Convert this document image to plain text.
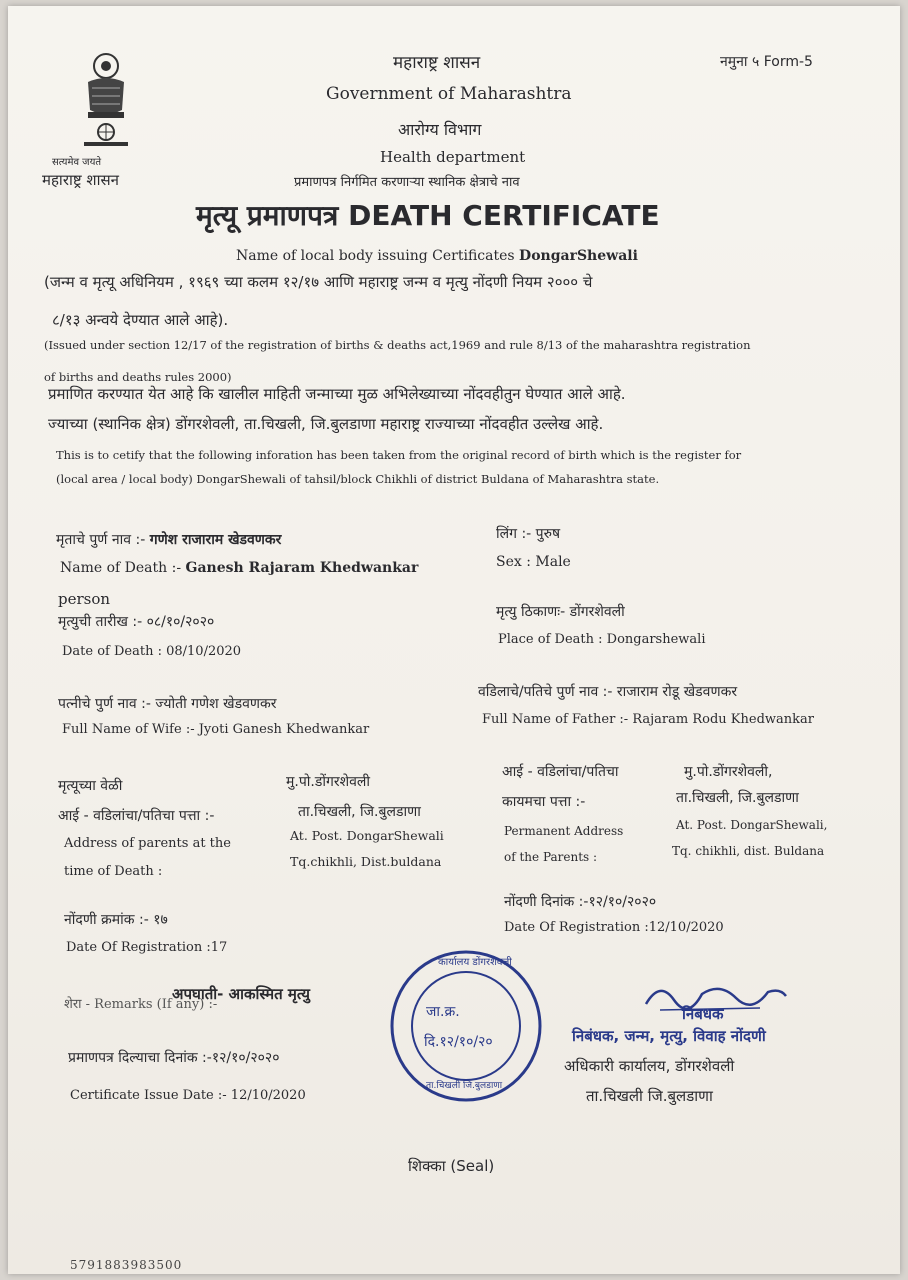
सत्यमेव जयते
महाराष्ट्र शासन
महाराष्ट्र शासन
Government of Maharashtra
आरोग्य विभाग
Health department
प्रमाणपत्र निर्गमित करणाऱ्या स्थानिक क्षेत्राचे नाव
नमुना ५ Form-5
मृत्यू प्रमाणपत्र DEATH CERTIFICATE
Name of local body issuing Certificates DongarShewali
(जन्म व मृत्यू अधिनियम , १९६९ च्या कलम १२/१७ आणि महाराष्ट्र जन्म व मृत्यु नोंदणी नियम २००० चे
८/१३ अन्वये देण्यात आले आहे).
(Issued under section 12/17 of the registration of births & deaths act,1969 and rule 8/13 of the maharashtra registration
of births and deaths rules 2000)
प्रमाणित करण्यात येत आहे कि खालील माहिती जन्माच्या मुळ अभिलेख्याच्या नोंदवहीतुन घेण्यात आले आहे.
ज्याच्या (स्थानिक क्षेत्र) डोंगरशेवली, ता.चिखली, जि.बुलडाणा महाराष्ट्र राज्याच्या नोंदवहीत उल्लेख आहे.
This is to cetify that the following inforation has been taken from the original record of birth which is the register for
(local area / local body) DongarShewali of tahsil/block Chikhli of district Buldana of Maharashtra state.
मृताचे पुर्ण नाव :- गणेश राजाराम खेडवणकर
Name of Death :- Ganesh Rajaram Khedwankar
लिंग :- पुरुष
Sex : Male
person
मृत्युची तारीख :- ०८/१०/२०२०
Date of Death : 08/10/2020
मृत्यु ठिकाणः- डोंगरशेवली
Place of Death : Dongarshewali
पत्नीचे पुर्ण नाव :- ज्योती गणेश खेडवणकर
Full Name of Wife :- Jyoti Ganesh Khedwankar
वडिलाचे/पतिचे पुर्ण नाव :- राजाराम रोडू खेडवणकर
Full Name of Father :- Rajaram Rodu Khedwankar
मृत्यूच्या वेळी
आई - वडिलांचा/पतिचा पत्ता :-
मु.पो.डोंगरशेवली
ता.चिखली, जि.बुलडाणा
Address of parents at the
time of Death :
At. Post. DongarShewali
Tq.chikhli, Dist.buldana
आई - वडिलांचा/पतिचा
कायमचा पत्ता :-
मु.पो.डोंगरशेवली,
ता.चिखली, जि.बुलडाणा
Permanent Address
of the Parents :
At. Post. DongarShewali,
Tq. chikhli, dist. Buldana
नोंदणी दिनांक :-१२/१०/२०२०
Date Of Registration :12/10/2020
नोंदणी क्रमांक :- १७
Date Of Registration :17
शेरा - Remarks (If any) :-
अपघाती- आकस्मित मृत्यु
प्रमाणपत्र दिल्याचा दिनांक :-१२/१०/२०२०
Certificate Issue Date :- 12/10/2020
जा.क्र.
दि.१२/१०/२०
कार्यालय डोंगरशेवली
ता.चिखली जि.बुलडाणा
निबधक
निबंधक, जन्म, मृत्यु, विवाह नोंदणी
अधिकारी कार्यालय, डोंगरशेवली
ता.चिखली जि.बुलडाणा
शिक्का (Seal)
5791883983500
